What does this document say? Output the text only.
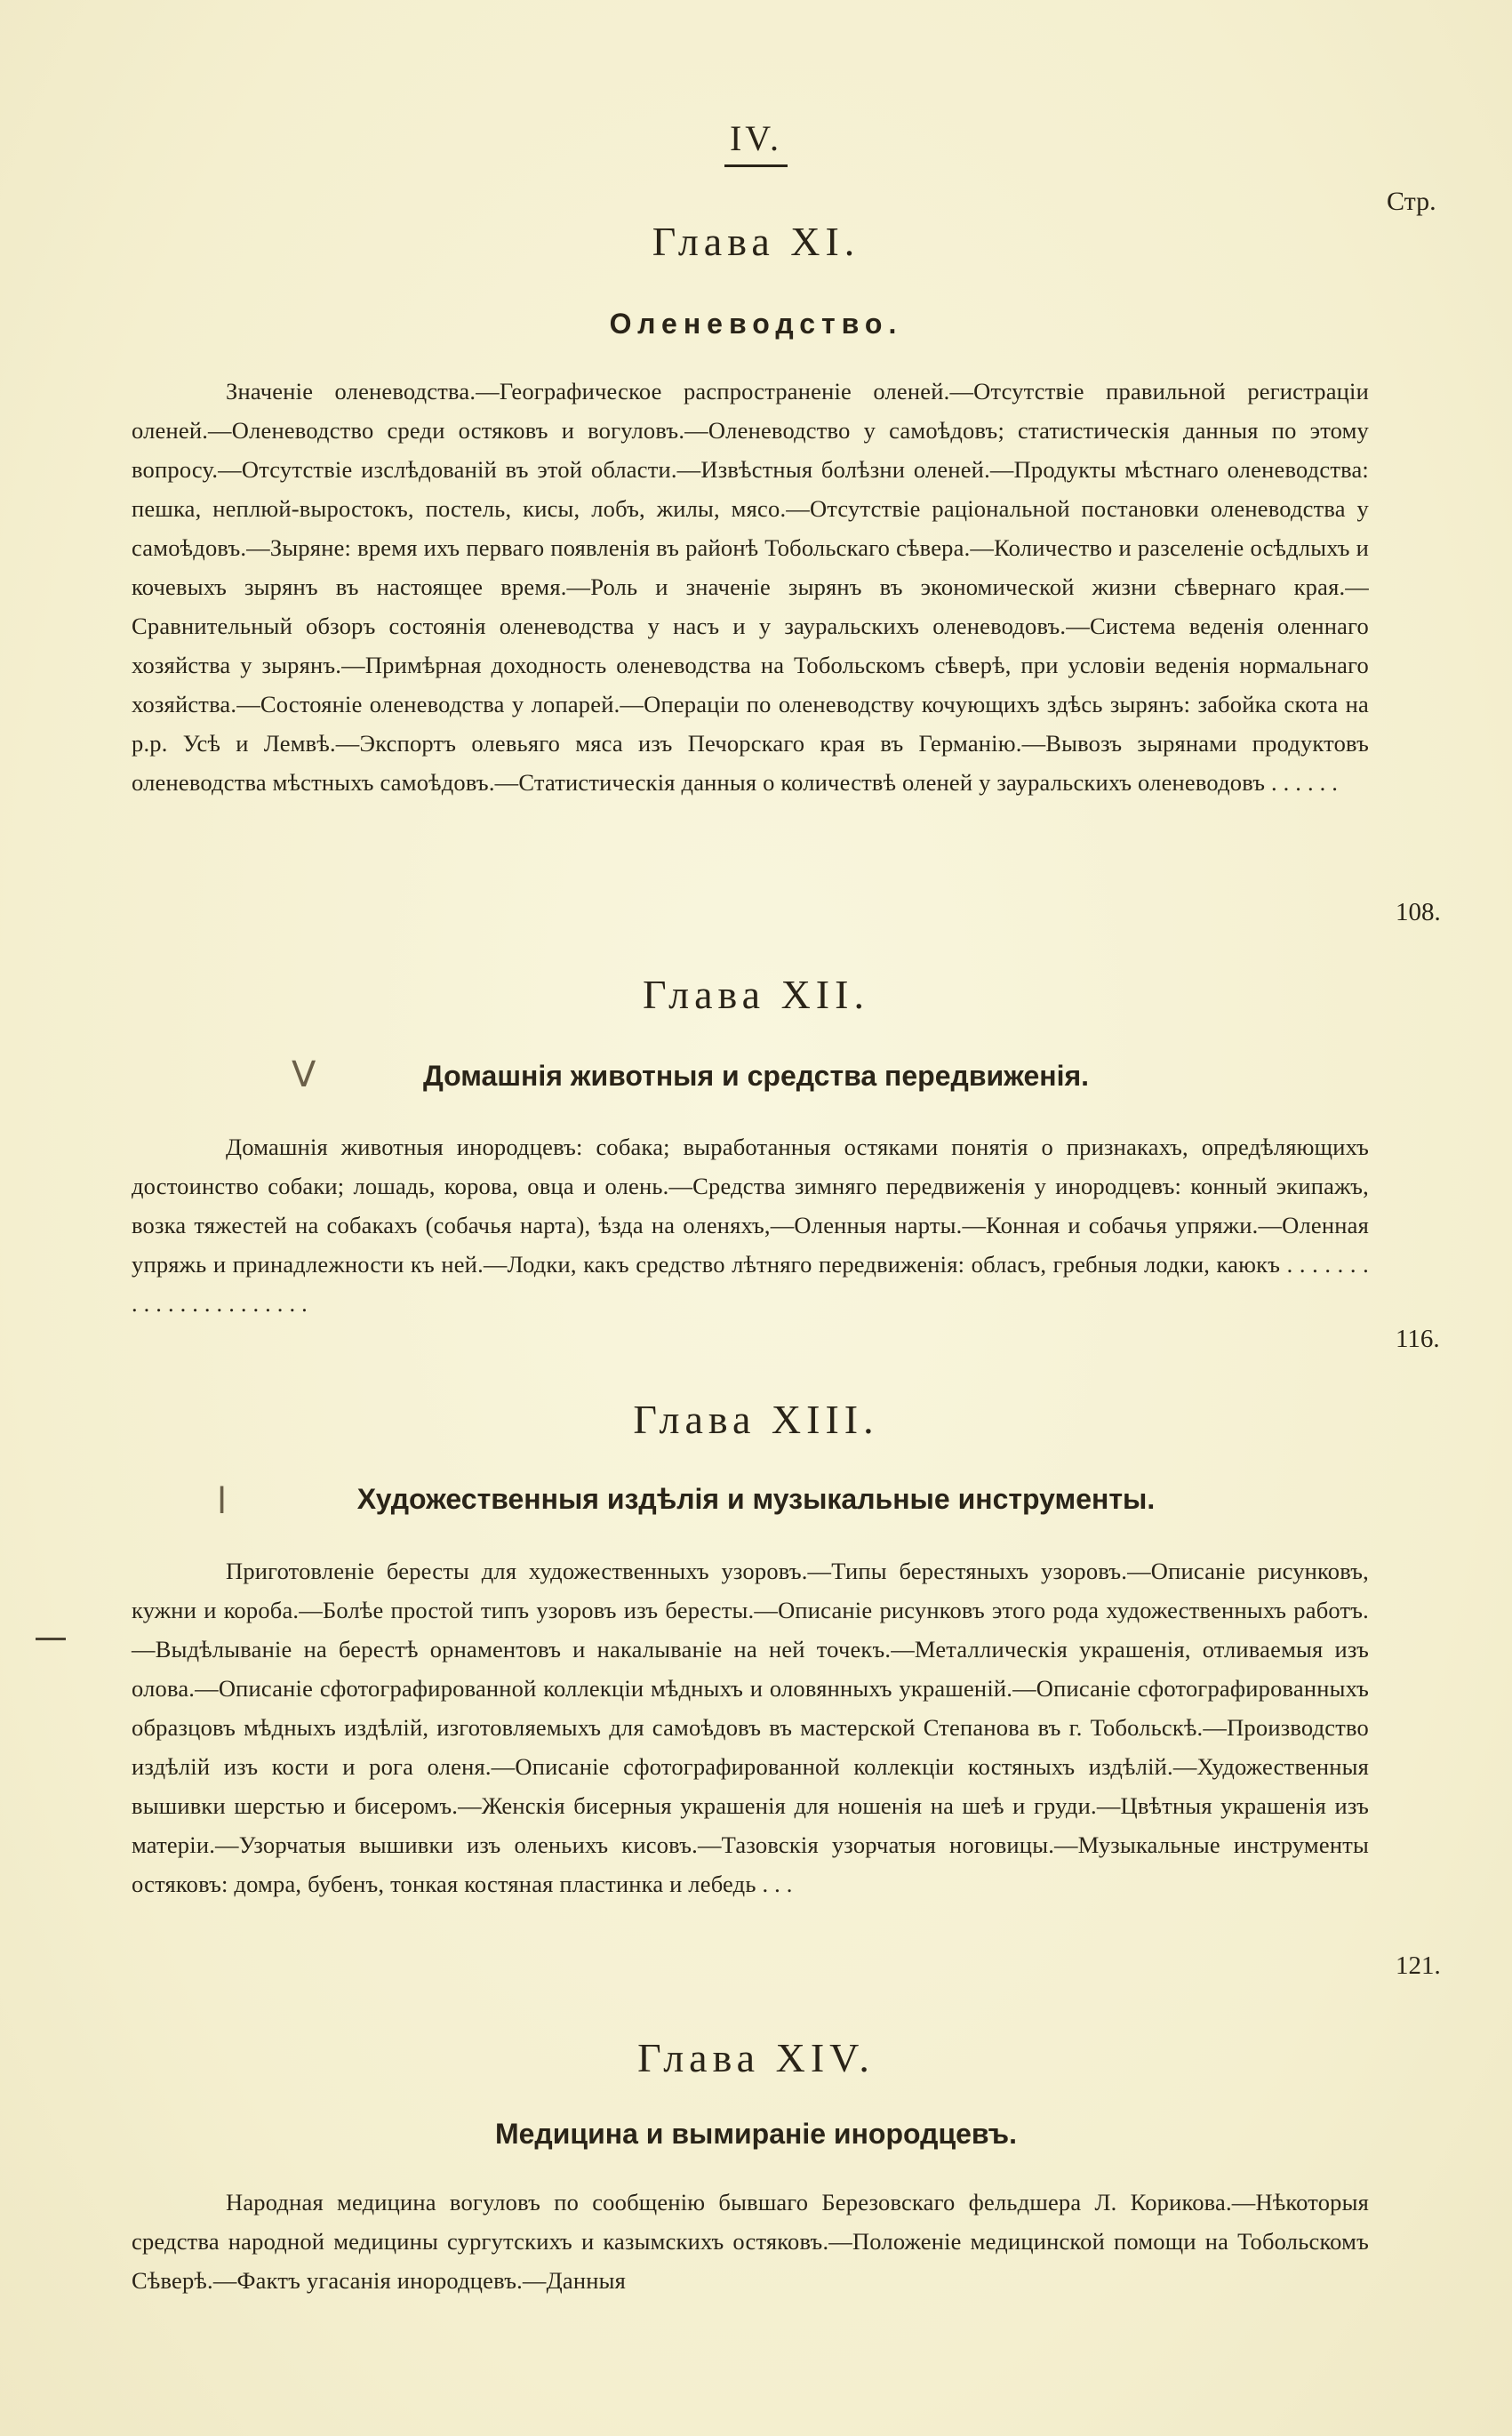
IV.
Стр.
Глава XI.
Оленеводство.
Значеніе оленеводства.—Географическое распространеніе оленей.—Отсутствіе правильной регистраціи оленей.—Оленеводство среди остяковъ и вогуловъ.—Оленеводство у самоѣдовъ; статистическія данныя по этому вопросу.—Отсутствіе изслѣдованій въ этой области.—Извѣстныя болѣзни оленей.—Продукты мѣстнаго оленеводства: пешка, неплюй-выростокъ, постель, кисы, лобъ, жилы, мясо.—Отсутствіе раціональной постановки оленеводства у самоѣдовъ.—Зыряне: время ихъ перваго появленія въ районѣ Тобольскаго сѣвера.—Количество и разселеніе осѣдлыхъ и кочевыхъ зырянъ въ настоящее время.—Роль и значеніе зырянъ въ экономической жизни сѣвернаго края.—Сравнительный обзоръ состоянія оленеводства у насъ и у зауральскихъ оленеводовъ.—Система веденія оленнаго хозяйства у зырянъ.—Примѣрная доходность оленеводства на Тобольскомъ сѣверѣ, при условіи веденія нормальнаго хозяйства.—Состояніе оленеводства у лопарей.—Операціи по оленеводству кочующихъ здѣсь зырянъ: забойка скота на р.р. Усѣ и Лемвѣ.—Экспортъ олевьяго мяса изъ Печорскаго края въ Германію.—Вывозъ зырянами продуктовъ оленеводства мѣстныхъ самоѣдовъ.—Статистическія данныя о количествѣ оленей у зауральскихъ оленеводовъ . . . . . .
108.
Глава XII.
V	Домашнія животныя и средства передвиженія.
Домашнія животныя инородцевъ: собака; выработанныя остяками понятія о признакахъ, опредѣляющихъ достоинство собаки; лошадь, корова, овца и олень.—Средства зимняго передвиженія у инородцевъ: конный экипажъ, возка тяжестей на собакахъ (собачья нарта), ѣзда на оленяхъ,—Оленныя нарты.—Конная и собачья упряжи.—Оленная упряжь и принадлежности къ ней.—Лодки, какъ средство лѣтняго передвиженія: обласъ, гребныя лодки, каюкъ . . . . . . . . . . . . . . . . . . . . . .
116.
Глава XIII.
l	Художественныя издѣлія и музыкальные инструменты.
Приготовленіе бересты для художественныхъ узоровъ.—Типы берестяныхъ узоровъ.—Описаніе рисунковъ, кужни и короба.—Болѣе простой типъ узоровъ изъ бересты.—Описаніе рисунковъ этого рода художественныхъ работъ.—Выдѣлываніе на берестѣ орнаментовъ и накалываніе на ней точекъ.—Металлическія украшенія, отливаемыя изъ олова.—Описаніе сфотографированной коллекціи мѣдныхъ и оловянныхъ украшеній.—Описаніе сфотографированныхъ образцовъ мѣдныхъ издѣлій, изготовляемыхъ для самоѣдовъ въ мастерской Степанова въ г. Тобольскѣ.—Производство издѣлій изъ кости и рога оленя.—Описаніе сфотографированной коллекціи костяныхъ издѣлій.—Художественныя вышивки шерстью и бисеромъ.—Женскія бисерныя украшенія для ношенія на шеѣ и груди.—Цвѣтныя украшенія изъ матеріи.—Узорчатыя вышивки изъ оленьихъ кисовъ.—Тазовскія узорчатыя ноговицы.—Музыкальные инструменты остяковъ: домра, бубенъ, тонкая костяная пластинка и лебедь . . .
121.
Глава XIV.
Медицина и вымираніе инородцевъ.
Народная медицина вогуловъ по сообщенію бывшаго Березовскаго фельдшера Л. Корикова.—Нѣкоторыя средства народной медицины сургутскихъ и казымскихъ остяковъ.—Положеніе медицинской помощи на Тобольскомъ Сѣверѣ.—Фактъ угасанія инородцевъ.—Данныя
